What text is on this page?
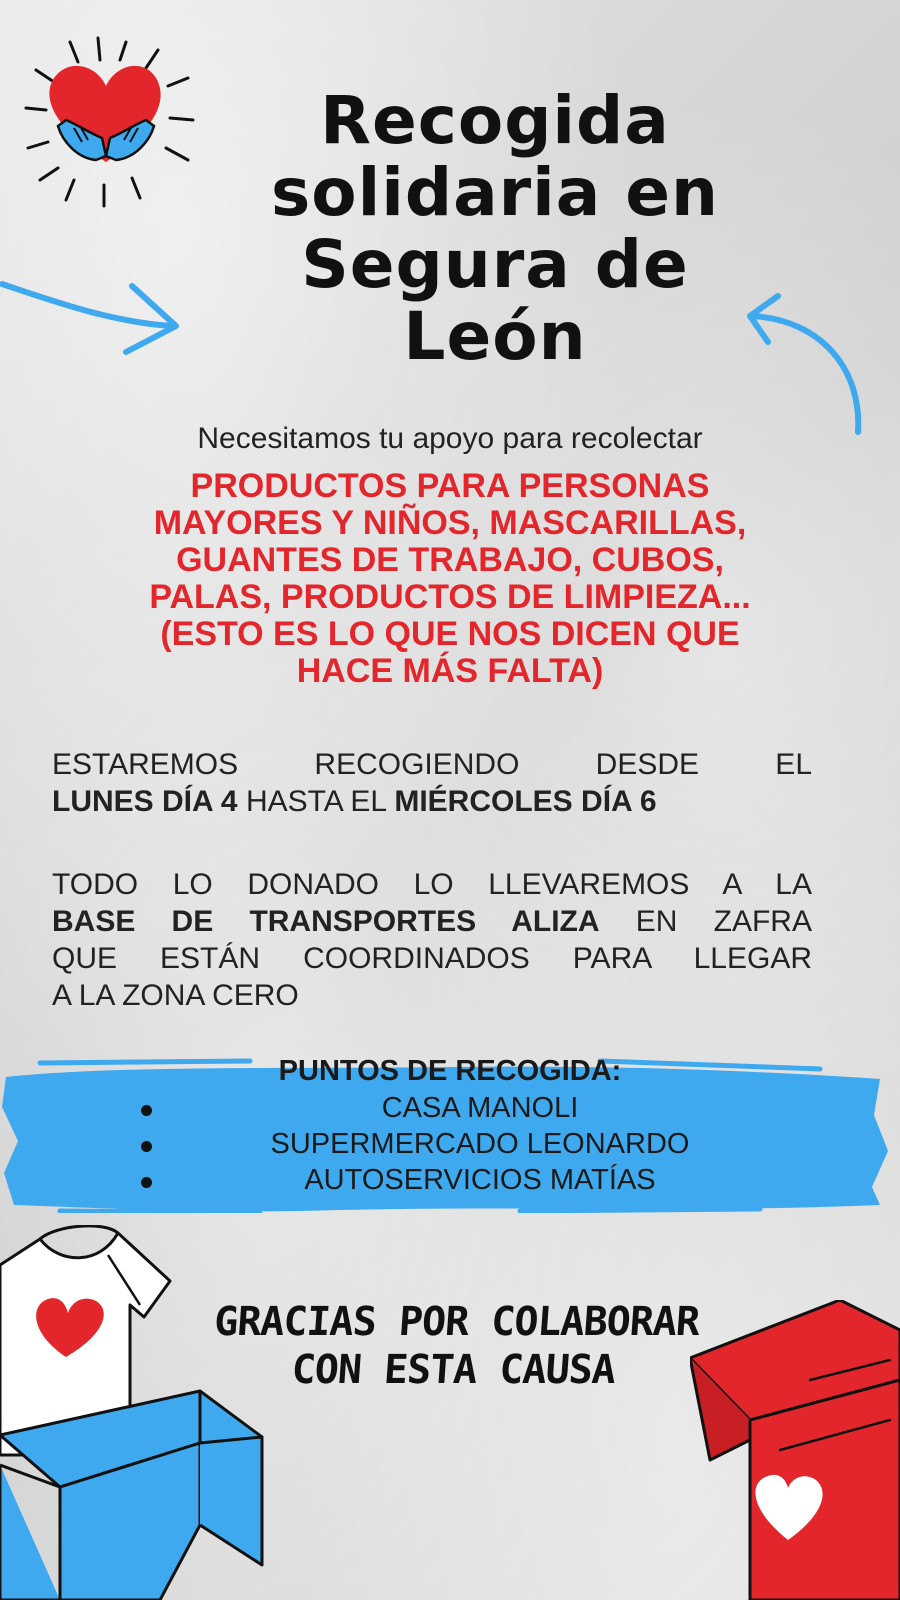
Recogida
solidaria en
Segura de
León
Necesitamos tu apoyo para recolectar
PRODUCTOS PARA PERSONAS
MAYORES Y NIÑOS, MASCARILLAS,
GUANTES DE TRABAJO, CUBOS,
PALAS, PRODUCTOS DE LIMPIEZA...
(ESTO ES LO QUE NOS DICEN QUE
HACE MÁS FALTA)
ESTAREMOS RECOGIENDO DESDE EL
LUNES DÍA 4 HASTA EL MIÉRCOLES DÍA 6
TODO LO DONADO LO LLEVAREMOS A LA
BASE DE TRANSPORTES ALIZA EN ZAFRA
QUE ESTÁN COORDINADOS PARA LLEGAR
A LA ZONA CERO
PUNTOS DE RECOGIDA:
CASA MANOLI
SUPERMERCADO LEONARDO
AUTOSERVICIOS MATÍAS
GRACIAS POR COLABORAR
CON ESTA CAUSA
